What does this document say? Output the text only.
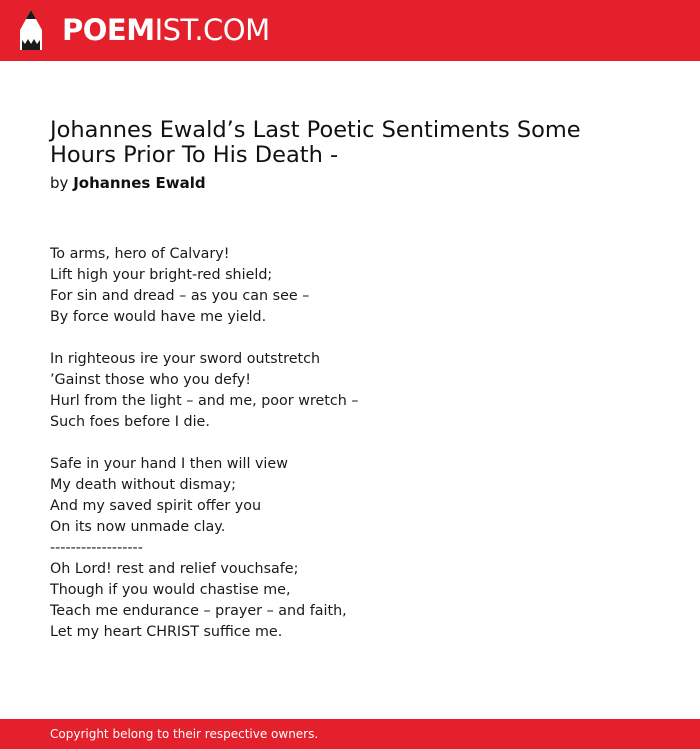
POEMIST.COM
Johannes Ewald’s Last Poetic Sentiments Some
Hours Prior To His Death -
by Johannes Ewald
To arms, hero of Calvary!
Lift high your bright-red shield;
For sin and dread – as you can see –
By force would have me yield.
In righteous ire your sword outstretch
’Gainst those who you defy!
Hurl from the light – and me, poor wretch –
Such foes before I die.
Safe in your hand I then will view
My death without dismay;
And my saved spirit offer you
On its now unmade clay.
------------------
Oh Lord! rest and relief vouchsafe;
Though if you would chastise me,
Teach me endurance – prayer – and faith,
Let my heart CHRIST suffice me.
Copyright belong to their respective owners.
